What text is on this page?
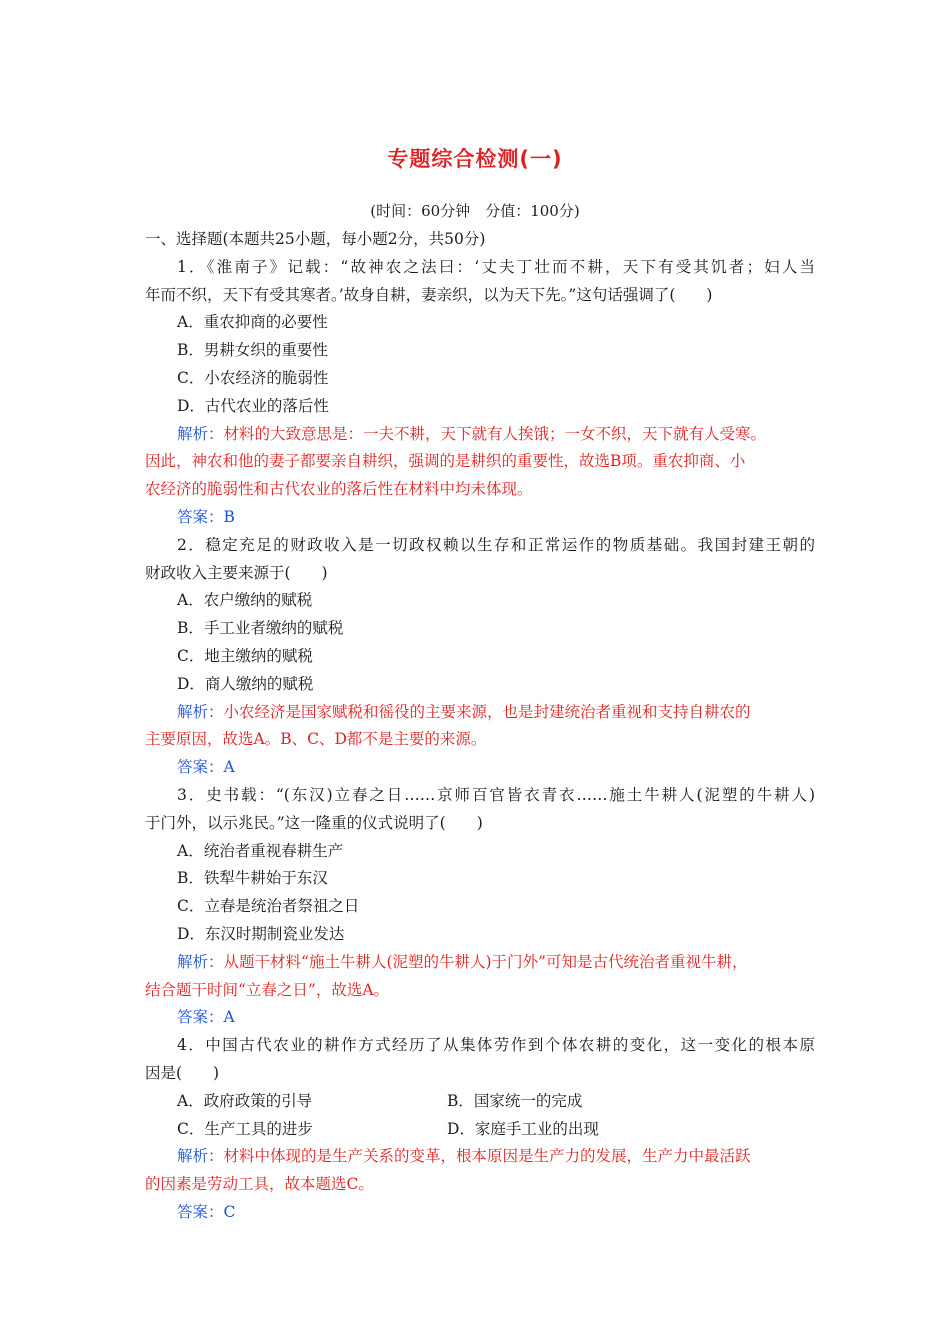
专题综合检测(一)
(时间：60分钟　分值：100分)
一、选择题(本题共25小题，每小题2分，共50分)
1．《淮南子》记载：“故神农之法曰：‘丈夫丁壮而不耕，天下有受其饥者；妇人当
年而不织，天下有受其寒者。’故身自耕，妻亲织，以为天下先。”这句话强调了(　　)
A．重农抑商的必要性
B．男耕女织的重要性
C．小农经济的脆弱性
D．古代农业的落后性
解析：材料的大致意思是：一夫不耕，天下就有人挨饿；一女不织，天下就有人受寒。
因此，神农和他的妻子都要亲自耕织，强调的是耕织的重要性，故选B项。重农抑商、小
农经济的脆弱性和古代农业的落后性在材料中均未体现。
答案：B
2．稳定充足的财政收入是一切政权赖以生存和正常运作的物质基础。我国封建王朝的
财政收入主要来源于(　　)
A．农户缴纳的赋税
B．手工业者缴纳的赋税
C．地主缴纳的赋税
D．商人缴纳的赋税
解析：小农经济是国家赋税和徭役的主要来源，也是封建统治者重视和支持自耕农的
主要原因，故选A。B、C、D都不是主要的来源。
答案：A
3．史书载：“(东汉)立春之日……京师百官皆衣青衣……施土牛耕人(泥塑的牛耕人)
于门外，以示兆民。”这一隆重的仪式说明了(　　)
A．统治者重视春耕生产
B．铁犁牛耕始于东汉
C．立春是统治者祭祖之日
D．东汉时期制瓷业发达
解析：从题干材料“施土牛耕人(泥塑的牛耕人)于门外”可知是古代统治者重视牛耕，
结合题干时间“立春之日”，故选A。
答案：A
4．中国古代农业的耕作方式经历了从集体劳作到个体农耕的变化，这一变化的根本原
因是(　　)
A．政府政策的引导	B．国家统一的完成
C．生产工具的进步	D．家庭手工业的出现
解析：材料中体现的是生产关系的变革，根本原因是生产力的发展，生产力中最活跃
的因素是劳动工具，故本题选C。
答案：C
